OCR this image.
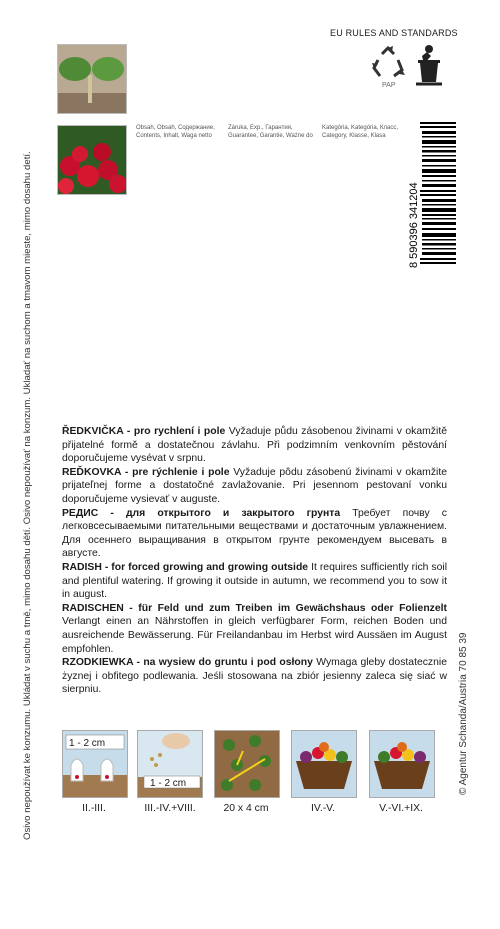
Osivo nepoužívat ke konzumu. Ukládat v suchu a tmě, mimo dosahu dětí. Osivo nepoužívať na konzum. Ukladať na suchom a tmavom mieste, mimo dosahu detí.	© Agentur Schanda/Austria 70 85 39
EU RULES AND STANDARDS
PAP
Obsah, Obsah, Содержание,
Contents, Inhalt, Waga netto
Záruka, Exp., Гарантия,
Guarantee, Garantie, Ważne do
Kategória, Kategória, Класс,
Category, Klasse, Klasa
8 590396 341204

ŘEDKVIČKA - pro rychlení i pole Vyžaduje půdu zásobenou živinami v okamžitě přijatelné formě a dostatečnou závlahu. Při podzimním venkovním pěstování doporučujeme vysévat v srpnu.

REĎKOVKA - pre rýchlenie i pole Vyžaduje pôdu zásobenú živinami v okamžite prijateľnej forme a dostatočné zavlažovanie. Pri jesennom pestovaní vonku doporučujeme vysievať v auguste.

РЕДИС - для открытого и закрытого грунта Требует почву с легковсесываемыми питательными веществами и достаточным увлажнением. Для осеннего выращивания в открытом грунте рекомендуем высевать в августе.

RADISH - for forced growing and growing outside It requires sufficiently rich soil and plentiful watering. If growing it outside in autumn, we recommend you to sow it in august.

RADISCHEN - für Feld und zum Treiben im Gewächshaus oder Folienzelt Verlangt einen an Nährstoffen in gleich verfügbarer Form, reichen Boden und ausreichende Bewässerung. Für Freilandanbau im Herbst wird Aussäen im August empfohlen.

RZODKIEWKA - na wysiew do gruntu i pod osłony Wymaga gleby dostatecznie żyznej i obfitego podlewania. Jeśli stosowana na zbiór jesienny zaleca się siać w sierpniu.

1 - 2 cm
1 - 2 cm
II.-III.	III.-IV.+VIII.	20 x 4 cm	IV.-V.	V.-VI.+IX.
